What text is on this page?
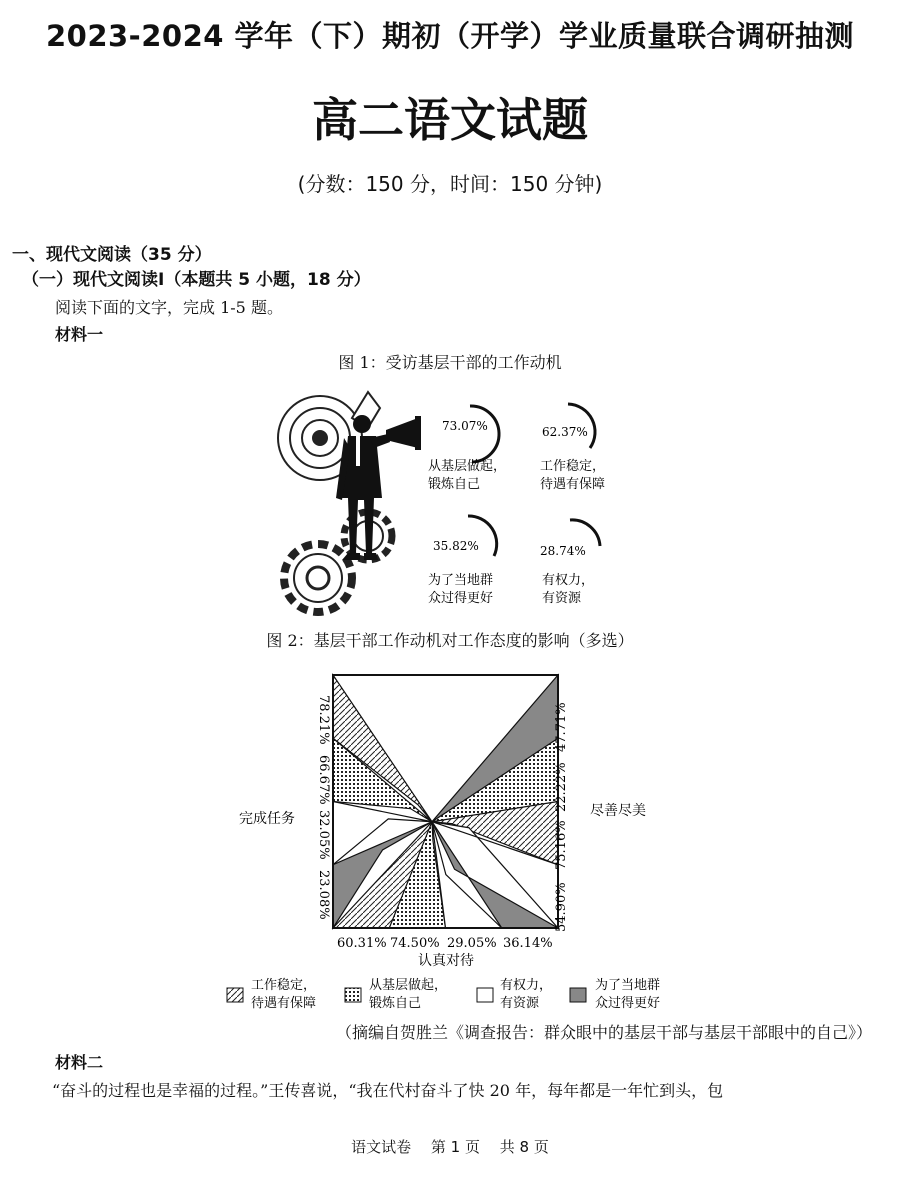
2023-2024 学年（下）期初（开学）学业质量联合调研抽测
高二语文试题
(分数：150 分，时间：150 分钟)
一、现代文阅读（35 分）
（一）现代文阅读Ⅰ（本题共 5 小题，18 分）
阅读下面的文字，完成 1-5 题。
材料一
图 1：受访基层干部的工作动机
73.07%
从基层做起，
锻炼自己
62.37%
工作稳定，
待遇有保障
35.82%
为了当地群
众过得更好
28.74%
有权力，
有资源
图 2：基层干部工作动机对工作态度的影响（多选）
78.21%
66.67%
32.05%
23.08%
47.71%
22.22%
75.16%
54.90%
60.31% 74.50% 29.05% 36.14%
完成任务	尽善尽美
认真对待
工作稳定，
待遇有保障
从基层做起，
锻炼自己
有权力，
有资源
为了当地群
众过得更好
（摘编自贺胜兰《调查报告：群众眼中的基层干部与基层干部眼中的自己》）
材料二
“奋斗的过程也是幸福的过程。”王传喜说，“我在代村奋斗了快 20 年，每年都是一年忙到头，包
语文试卷　 第 1 页　 共 8 页
